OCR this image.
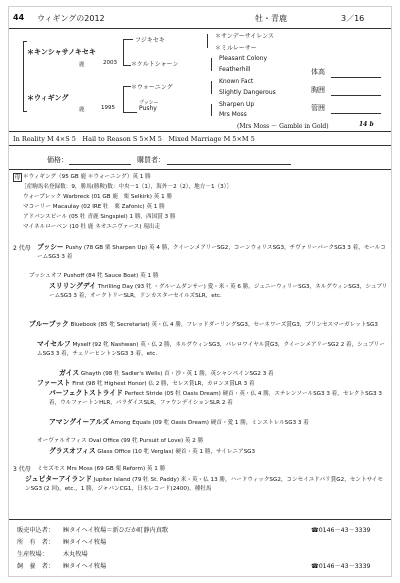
44 ウィギングの2012	牡・青鹿	3／16
＊キンシャサノキセキ
鹿	2003
フジキセキ
＊ケルトシャーン
＊サンデーサイレンス
＊ミルレーサー
Pleasant Colony
Featherhill
＊ウィギング
鹿	1995
＊ウォーニング
プッシー
Pushy
Known Fact
Slightly Dangerous
Sharpen Up
Mrs Moss
体高
胸囲
管囲
(Mrs Moss ～ Gamble in Gold)	14 b
In Reality M 4×S 5　Hail to Reason S 5×M 5　Mixed Marriage M 5×M 5
価格：	購買者：
母 ＊ウィギング（95 GB 鹿 ＊ウォーニング）英 1 勝
［産駒馬名登録数：9，勝馬(勝鞍)数：中央－1（1），海外－2（2），地方－1（3）］
ウォープレック Warbreck (01 GB 鹿　栗 Selkirk) 英 1 勝
マコーリー Macaulay (02 IRE 牡　栗 Zafonic) 英 1 勝
アドバンスピール (05 牡 青鹿 Singspiel) 1 勝，西国賞 3 勝
マイネルローベン (10 牡 鹿 ネオユニヴァース) 現出走
2 代母 プッシー Pushy (78 GB 栗 Sharpen Up) 英 4 勝，クイーンメアリーSG2，コーンウォリスSG3，チヴァリーパークSG3 3 着，モールコームSG3 3 着
プッシュオフ Pushoff (84 牝 Sauce Boat) 英 1 勝
スリリングデイ Thrilling Day (93 牝 ・グルームダンサー) 愛・米・英 6 勝，ジェニーウィリーSG3，ネルグウィンSG3，シュブリームSG3 3 着，オークトリーSLR，ドンカスターセイルズSLR，etc.
ブルーブック Bluebook (85 牝 Secretariat) 英・仏 4 勝，フレッドダーリングSG3，セーネワーズ賞G3，プリンセスマーガレットSG3
マイセルフ Myself (92 牝 Nashwan) 英・仏 2 勝，ネルグウィンSG3，パレロワイヤル賞G3，クイーンメアリーSG2 2 着，シュブリームSG3 3 着，チェリーヒントンSG3 3 着，etc.
ガイス Ghayth (98 牡 Sadler's Wells) 首・沙・英 1 勝，英シャンペインSG2 3 着
ファースト First (98 牝 Highest Honor) 仏 2 勝，セレス賞LR，カロンヌ賞LR 3 着
パーフェクトストライド Perfect Stride (05 牡 Oasis Dream) 硬首・英・仏 4 勝，ステレンソールSG3 3 着，セレクトSG3 3 着，ウルファートンHLR，パラダイスSLR，ファウンデイションSLR 2 着
アマングイーアルズ Among Equals (09 牝 Oasis Dream) 硬首・愛 1 勝，ミンストレルSG3 3 着
オーヴァルオフィス Oval Office (99 牝 Pursuit of Love) 英 2 勝
グラスオフィス Glass Office (10 牝 Verglas) 硬首・英 1 勝，サイレニアSG3
3 代母 ミセズモス Mrs Moss (69 GB 栗 Reform) 英 1 勝
ジュピターアイランド Jupiter Island (79 牡 St. Paddy) 米・英・仏 13 勝，ハードウィックSG2，コンセイユドパリ賞G2，セントサイモンSG3 (2 回)，etc.，1 勝，ジャパンCG1，日本レコード(2400)，種牡馬
販売申込者： ㈱タイヘイ牧場＝新ひだか町静内真歌	☎0146－43－3339
所　有　者： ㈱タイヘイ牧場
生産牧場： 木丸牧場
飼　養　者： ㈱タイヘイ牧場	☎0146－43－3339
